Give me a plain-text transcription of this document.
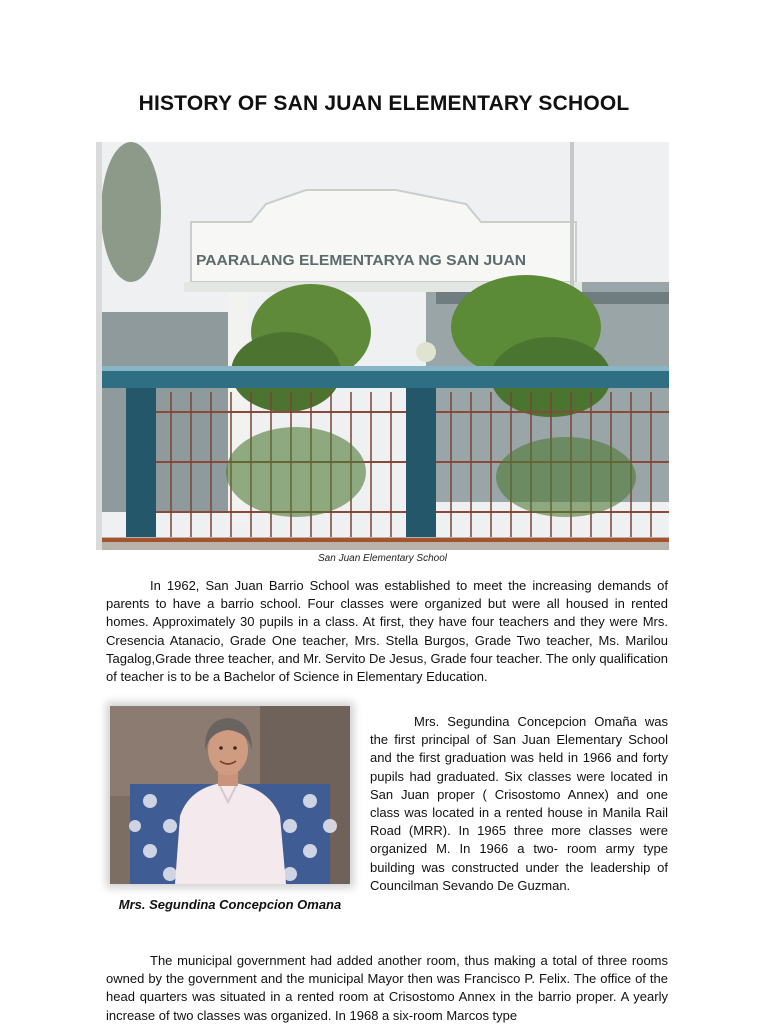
HISTORY OF SAN JUAN ELEMENTARY SCHOOL
PAARALANG ELEMENTARYA NG SAN JUAN
San Juan Elementary School

In 1962, San Juan Barrio School was established to meet the increasing demands of parents to have a barrio school. Four classes were organized but were all housed in rented homes. Approximately 30 pupils in a class. At first, they have four teachers and they were Mrs. Cresencia Atanacio, Grade One teacher, Mrs. Stella Burgos, Grade Two teacher, Ms. Marilou Tagalog,Grade three teacher, and Mr. Servito De Jesus, Grade four teacher. The only qualification of teacher is to be a Bachelor of Science in Elementary Education.

Mrs. Segundina Concepcion Omana

Mrs. Segundina Concepcion Omaña was the first principal of San Juan Elementary School and the first graduation was held in 1966 and forty pupils had graduated. Six classes were located in San Juan proper ( Crisostomo Annex) and one class was located in a rented house in Manila Rail Road (MRR). In 1965 three more classes were organized M. In 1966 a two- room army type building was constructed under the leadership of Councilman Sevando De Guzman.

The municipal government had added another room, thus making a total of three rooms owned by the government and the municipal Mayor then was Francisco P. Felix. The office of the head quarters was situated in a rented room at Crisostomo Annex in the barrio proper. A yearly increase of two classes was organized. In 1968 a six-room Marcos type
